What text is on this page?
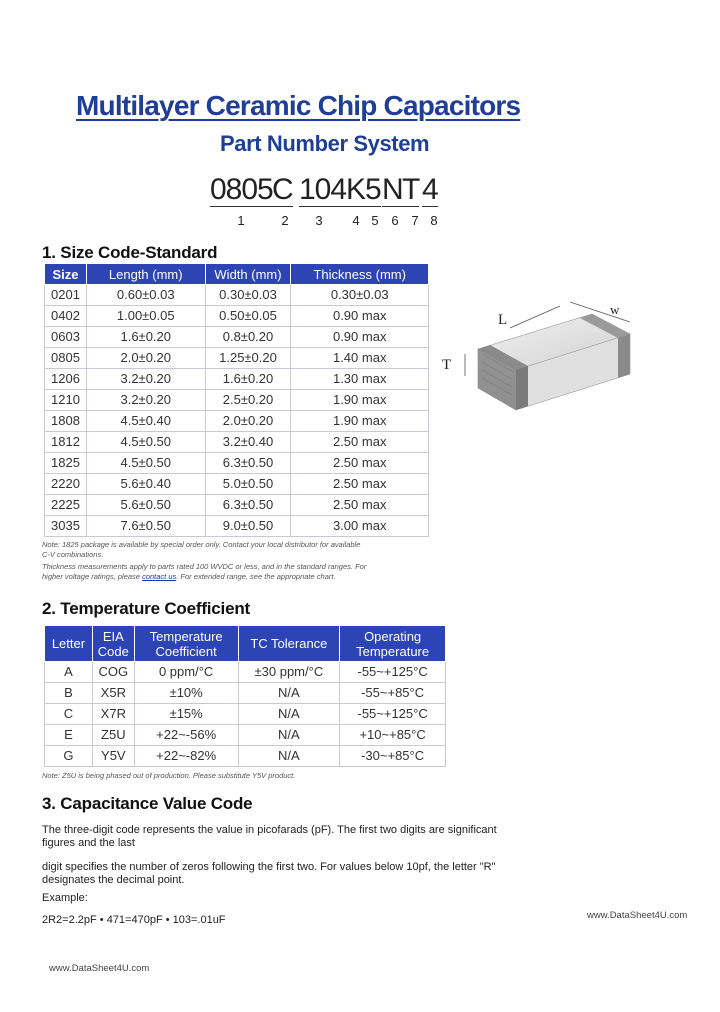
Multilayer Ceramic Chip Capacitors
Part Number System
0805 C 104 K 5 N T 4
1	2 3 4 5 6 7 8
1. Size Code-Standard
Size	Length (mm)	Width (mm)	Thickness (mm)
0201	0.60±0.03	0.30±0.03	0.30±0.03
0402	1.00±0.05	0.50±0.05	0.90 max
0603	1.6±0.20	0.8±0.20	0.90 max
0805	2.0±0.20	1.25±0.20	1.40 max
1206	3.2±0.20	1.6±0.20	1.30 max
1210	3.2±0.20	2.5±0.20	1.90 max
1808	4.5±0.40	2.0±0.20	1.90 max
1812	4.5±0.50	3.2±0.40	2.50 max
1825	4.5±0.50	6.3±0.50	2.50 max
2220	5.6±0.40	5.0±0.50	2.50 max
2225	5.6±0.50	6.3±0.50	2.50 max
3035	7.6±0.50	9.0±0.50	3.00 max
L
w
T
Note: 1825 package is available by special order only. Contact your local distributor for available
C-V combinations.
Thickness measurements apply to parts rated 100 WVDC or less, and in the standard ranges. For
higher voltage ratings, please contact us. For extended range, see the appropriate chart.
2. Temperature Coefficient
Letter	EIA Code	Temperature Coefficient	TC Tolerance	Operating Temperature
A	COG	0 ppm/°C	±30 ppm/°C	-55~+125°C
B	X5R	±10%	N/A	-55~+85°C
C	X7R	±15%	N/A	-55~+125°C
E	Z5U	+22~-56%	N/A	+10~+85°C
G	Y5V	+22~-82%	N/A	-30~+85°C
Note: Z5U is being phased out of production. Please substitute Y5V product.
3. Capacitance Value Code
The three-digit code represents the value in picofarads (pF). The first two digits are significant figures and the last
digit specifies the number of zeros following the first two. For values below 10pf, the letter "R" designates the decimal point.
Example:
2R2=2.2pF • 471=470pF • 103=.01uF	www.DataSheet4U.com
www.DataSheet4U.com
